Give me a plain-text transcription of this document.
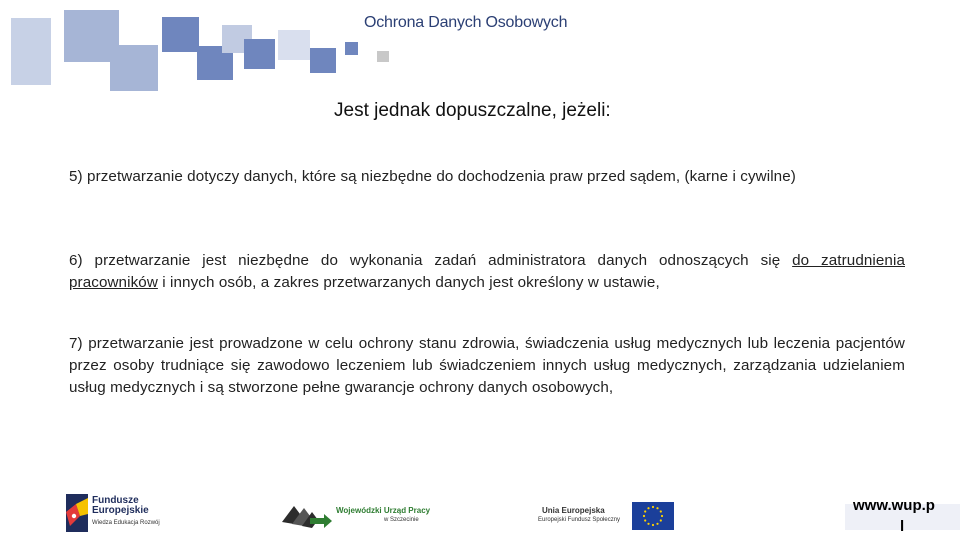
Ochrona Danych Osobowych
Jest jednak dopuszczalne, jeżeli:

5) przetwarzanie dotyczy danych, które są niezbędne do dochodzenia praw przed sądem, (karne i cywilne)

6) przetwarzanie jest niezbędne do wykonania zadań administratora danych odnoszących się do zatrudnienia pracowników i innych osób, a zakres przetwarzanych danych jest określony w ustawie,

7) przetwarzanie jest prowadzone w celu ochrony stanu zdrowia, świadczenia usług medycznych lub leczenia pacjentów przez osoby trudniące się zawodowo leczeniem lub świadczeniem innych usług medycznych, zarządzania udzielaniem usług medycznych i są stworzone pełne gwarancje ochrony danych osobowych,

Fundusze
Europejskie
Wiedza Edukacja Rozwój
Wojewódzki Urząd Pracy
w Szczecinie
Unia Europejska
Europejski Fundusz Społeczny
www.wup.p
l
